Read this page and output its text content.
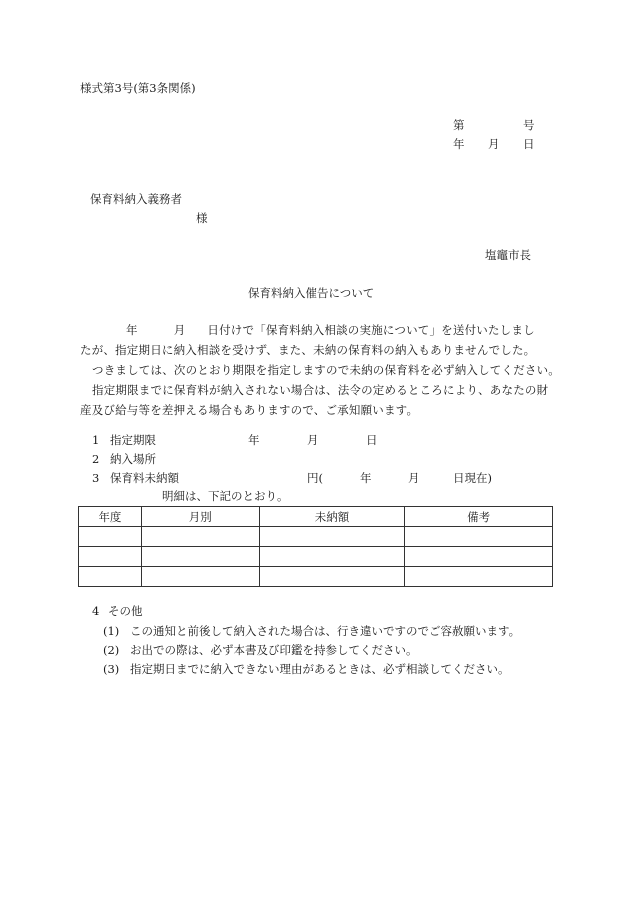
様式第3号(第3条関係)
第	号
年 月 日
保育料納入義務者
様
塩竈市長
保育料納入催告について

年	月 日付けで「保育料納入相談の実施について」を送付いたしまし

たが、指定期日に納入相談を受けず、また、未納の保育料の納入もありませんでした。

つきましては、次のとおり期限を指定しますので未納の保育料を必ず納入してください。

指定期限までに保育料が納入されない場合は、法令の定めるところにより、あなたの財

産及び給与等を差押える場合もありますので、ご承知願います。

1 指定期限	年	月	日
2 納入場所
3 保育料未納額	円(	年	月	日現在)
明細は、下記のとおり。
年度	月別	未納額	備考

4 その他
(1) この通知と前後して納入された場合は、行き違いですのでご容赦願います。
(2) お出での際は、必ず本書及び印鑑を持参してください。
(3) 指定期日までに納入できない理由があるときは、必ず相談してください。
